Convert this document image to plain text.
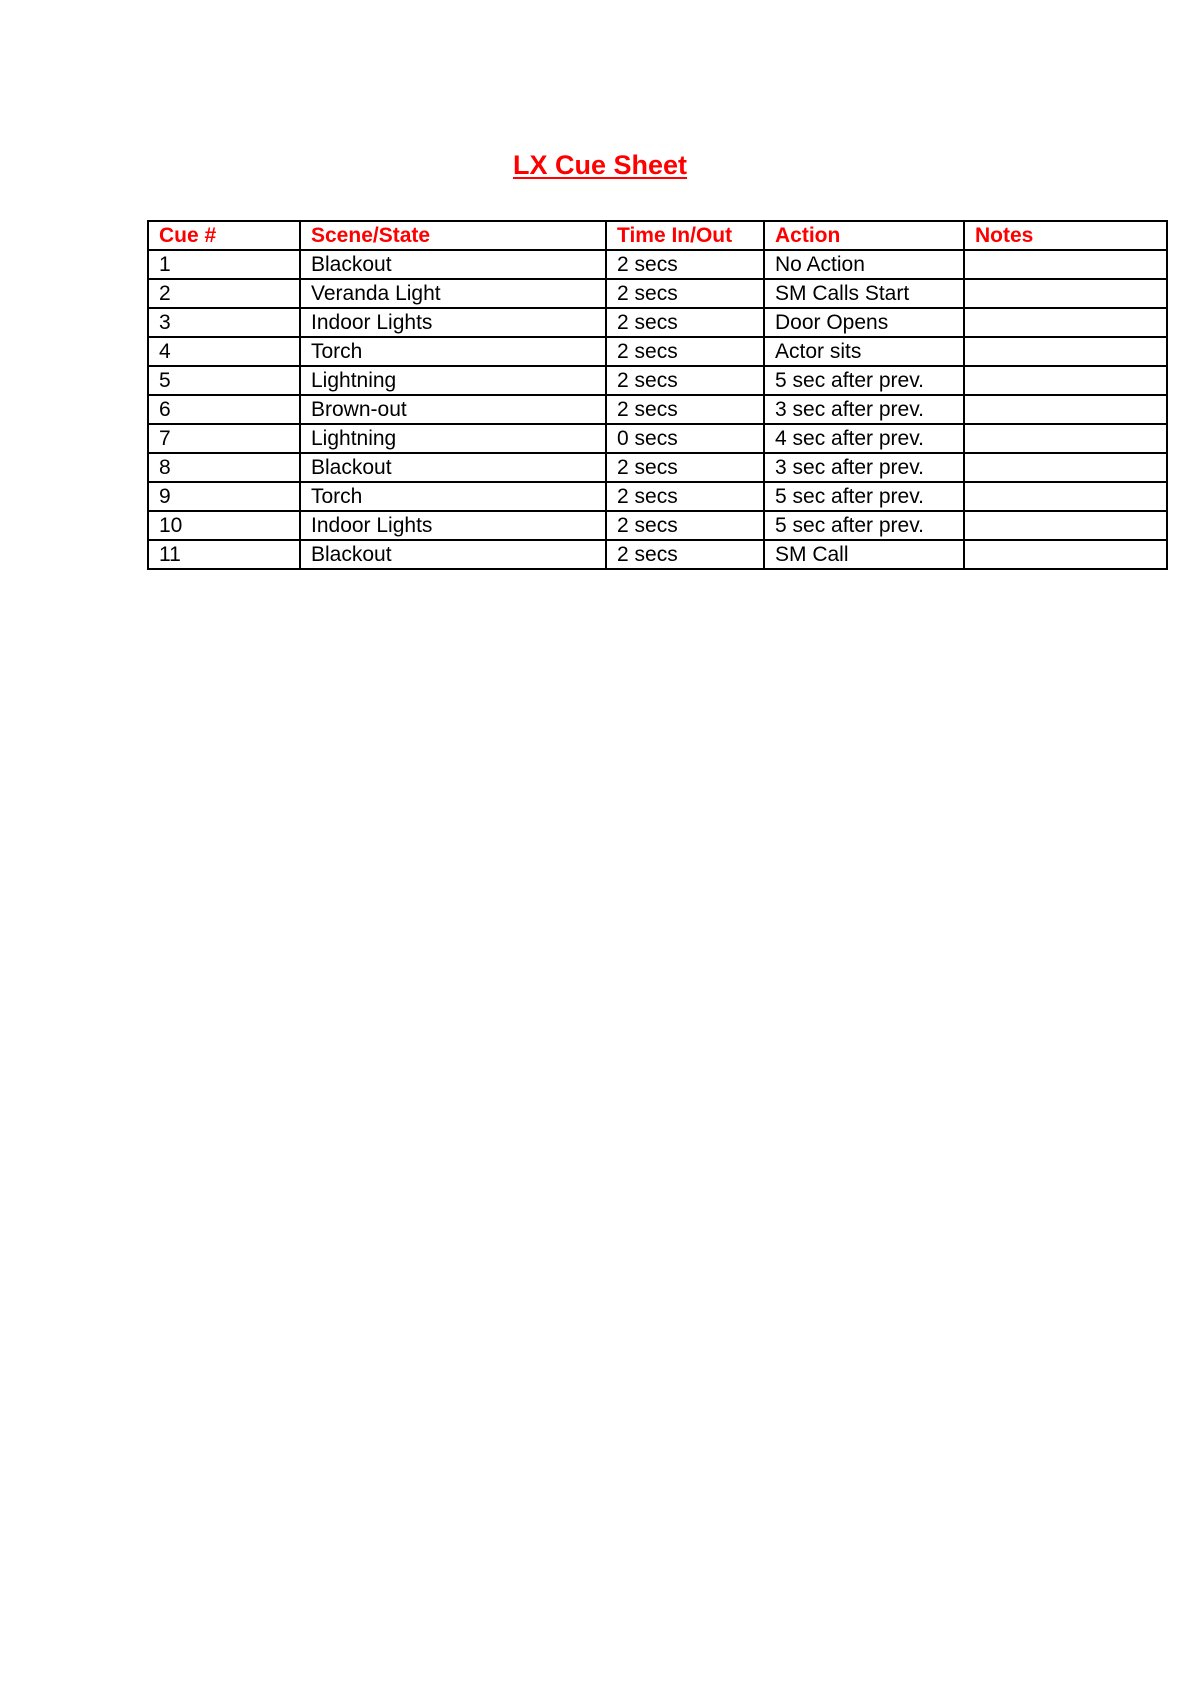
LX Cue Sheet
Cue #	Scene/State	Time In/Out	Action	Notes
1	Blackout	2 secs	No Action	
2	Veranda Light	2 secs	SM Calls Start	
3	Indoor Lights	2 secs	Door Opens	
4	Torch	2 secs	Actor sits	
5	Lightning	2 secs	5 sec after prev.	
6	Brown-out	2 secs	3 sec after prev.	
7	Lightning	0 secs	4 sec after prev.	
8	Blackout	2 secs	3 sec after prev.	
9	Torch	2 secs	5 sec after prev.	
10	Indoor Lights	2 secs	5 sec after prev.	
11	Blackout	2 secs	SM Call	
